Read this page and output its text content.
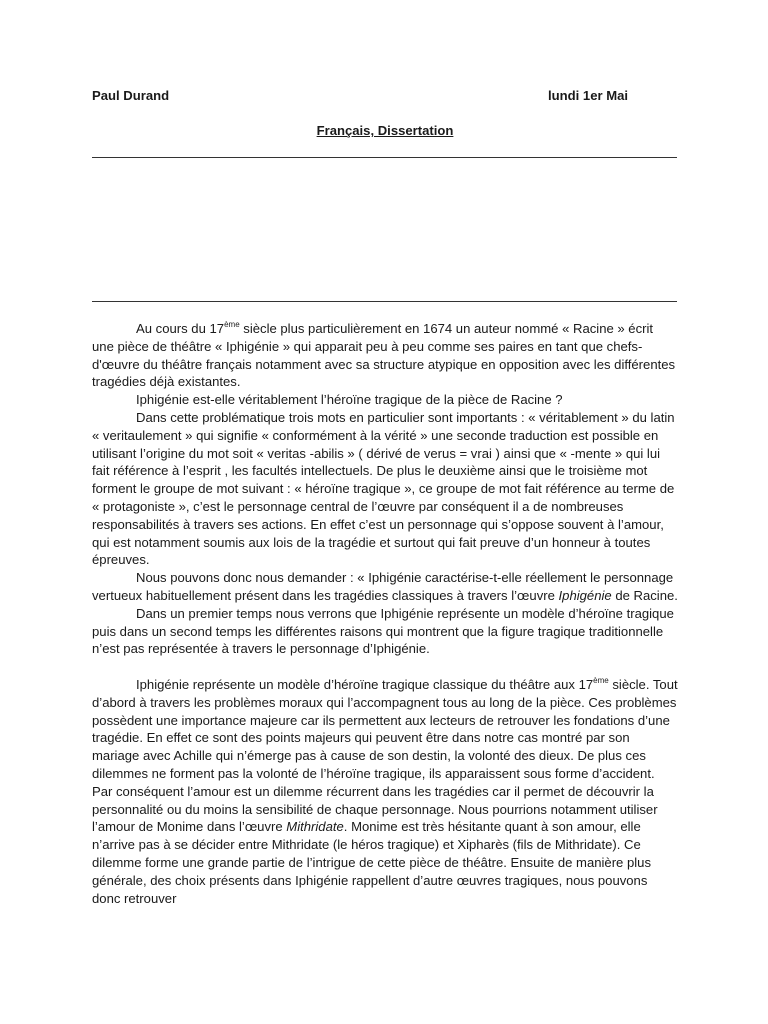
Paul Durand	lundi 1er Mai
Français, Dissertation

Au cours du 17ème siècle plus particulièrement en 1674 un auteur nommé « Racine » écrit une pièce de théâtre « Iphigénie » qui apparait peu à peu comme ses paires en tant que chefs-d'œuvre du théâtre français notamment avec sa structure atypique en opposition avec les différentes tragédies déjà existantes.

Iphigénie est-elle véritablement l’héroïne tragique de la pièce de Racine ?

Dans cette problématique trois mots en particulier sont importants : « véritablement » du latin « veritaulement » qui signifie « conformément à la vérité » une seconde traduction est possible en utilisant l’origine du mot soit « veritas -abilis » ( dérivé de verus = vrai ) ainsi que « -mente » qui lui fait référence à l’esprit , les facultés intellectuels. De plus le deuxième ainsi que le troisième mot forment le groupe de mot suivant : « héroïne tragique », ce groupe de mot fait référence au terme de « protagoniste », c’est le personnage central de l’œuvre par conséquent il a de nombreuses responsabilités à travers ses actions. En effet c’est un personnage qui s’oppose souvent à l’amour, qui est notamment soumis aux lois de la tragédie et surtout qui fait preuve d’un honneur à toutes épreuves.

Nous pouvons donc nous demander : « Iphigénie caractérise-t-elle réellement le personnage vertueux habituellement présent dans les tragédies classiques à travers l’œuvre Iphigénie de Racine.

Dans un premier temps nous verrons que Iphigénie représente un modèle d’héroïne tragique puis dans un second temps les différentes raisons qui montrent que la figure tragique traditionnelle n’est pas représentée à travers le personnage d’Iphigénie.

Iphigénie représente un modèle d’héroïne tragique classique du théâtre aux 17ème siècle. Tout d’abord à travers les problèmes moraux qui l’accompagnent tous au long de la pièce. Ces problèmes possèdent une importance majeure car ils permettent aux lecteurs de retrouver les fondations d’une tragédie. En effet ce sont des points majeurs qui peuvent être dans notre cas montré par son mariage avec Achille qui n’émerge pas à cause de son destin, la volonté des dieux. De plus ces dilemmes ne forment pas la volonté de l’héroïne tragique, ils apparaissent sous forme d’accident. Par conséquent l’amour est un dilemme récurrent dans les tragédies car il permet de découvrir la personnalité ou du moins la sensibilité de chaque personnage. Nous pourrions notamment utiliser l’amour de Monime dans l’œuvre Mithridate. Monime est très hésitante quant à son amour, elle n’arrive pas à se décider entre Mithridate (le héros tragique) et Xipharès (fils de Mithridate). Ce dilemme forme une grande partie de l’intrigue de cette pièce de théâtre. Ensuite de manière plus générale, des choix présents dans Iphigénie rappellent d’autre œuvres tragiques, nous pouvons donc retrouver
